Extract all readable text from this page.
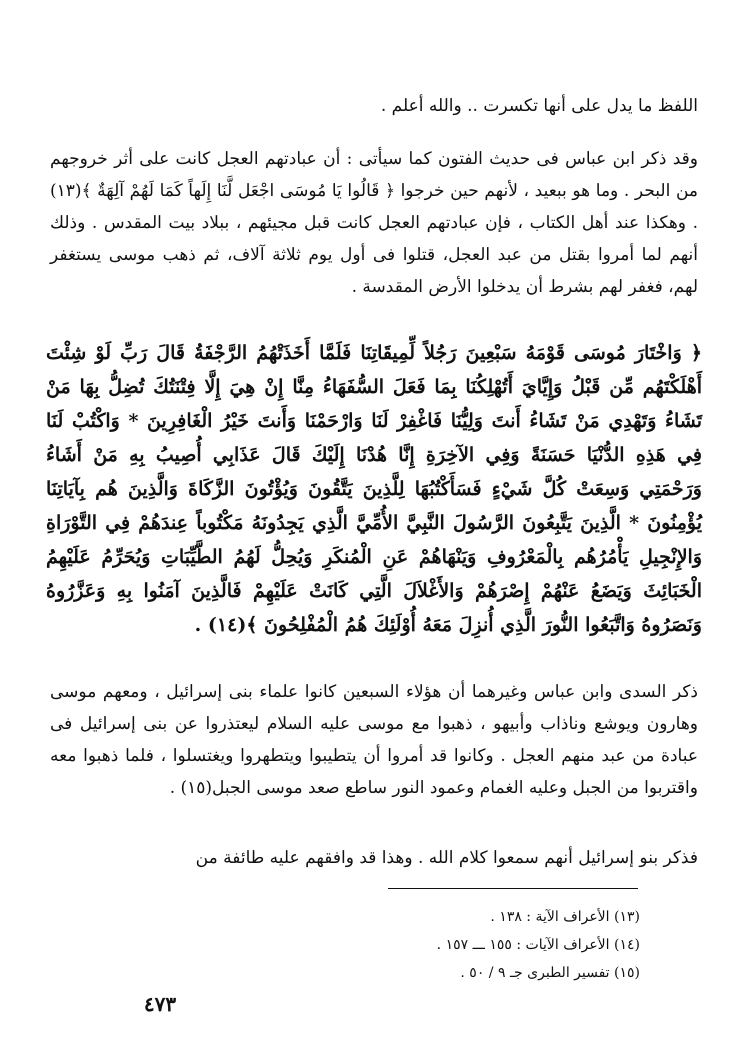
اللفظ ما يدل على أنها تكسرت .. والله أعلم .

وقد ذكر ابن عباس فى حديث الفتون كما سيأتى : أن عبادتهم العجل كانت على أثر خروجهم من البحر . وما هو ببعيد ، لأنهم حين خرجوا ﴿ قَالُوا يَا مُوسَى اجْعَل لَّنَا إِلَهاً كَمَا لَهُمْ آلِهَةٌ ﴾(١٣) . وهكذا عند أهل الكتاب ، فإن عبادتهم العجل كانت قبل مجيئهم ، ببلاد بيت المقدس . وذلك أنهم لما أمروا بقتل من عبد العجل، قتلوا فى أول يوم ثلاثة آلاف، ثم ذهب موسى يستغفر لهم، فغفر لهم بشرط أن يدخلوا الأرض المقدسة .

﴿ وَاخْتَارَ مُوسَى قَوْمَهُ سَبْعِينَ رَجُلاً لِّمِيقَاتِنَا فَلَمَّا أَخَذَتْهُمُ الرَّجْفَةُ قَالَ رَبِّ لَوْ شِئْتَ أَهْلَكْتَهُم مِّن قَبْلُ وَإِيَّايَ أَتُهْلِكُنَا بِمَا فَعَلَ السُّفَهَاءُ مِنَّا إِنْ هِيَ إِلَّا فِتْنَتُكَ تُضِلُّ بِهَا مَنْ تَشَاءُ وَتَهْدِي مَنْ تَشَاءُ أَنتَ وَلِيُّنَا فَاغْفِرْ لَنَا وَارْحَمْنَا وَأَنتَ خَيْرُ الْغَافِرِينَ * وَاكْتُبْ لَنَا فِي هَذِهِ الدُّنْيَا حَسَنَةً وَفِي الآخِرَةِ إِنَّا هُدْنَا إِلَيْكَ قَالَ عَذَابِي أُصِيبُ بِهِ مَنْ أَشَاءُ وَرَحْمَتِي وَسِعَتْ كُلَّ شَيْءٍ فَسَأَكْتُبُهَا لِلَّذِينَ يَتَّقُونَ وَيُؤْتُونَ الزَّكَاةَ وَالَّذِينَ هُم بِآيَاتِنَا يُؤْمِنُونَ * الَّذِينَ يَتَّبِعُونَ الرَّسُولَ النَّبِيَّ الأُمِّيَّ الَّذِي يَجِدُونَهُ مَكْتُوباً عِندَهُمْ فِي التَّوْرَاةِ وَالإِنْجِيلِ يَأْمُرُهُم بِالْمَعْرُوفِ وَيَنْهَاهُمْ عَنِ الْمُنكَرِ وَيُحِلُّ لَهُمُ الطَّيِّبَاتِ وَيُحَرِّمُ عَلَيْهِمُ الْخَبَائِثَ وَيَضَعُ عَنْهُمْ إِصْرَهُمْ وَالأَغْلاَلَ الَّتِي كَانَتْ عَلَيْهِمْ فَالَّذِينَ آمَنُوا بِهِ وَعَزَّرُوهُ وَنَصَرُوهُ وَاتَّبَعُوا النُّورَ الَّذِي أُنزِلَ مَعَهُ أُوْلَئِكَ هُمُ الْمُفْلِحُونَ ﴾(١٤) .

ذكر السدى وابن عباس وغيرهما أن هؤلاء السبعين كانوا علماء بنى إسرائيل ، ومعهم موسى وهارون ويوشع وناذاب وأبيهو ، ذهبوا مع موسى عليه السلام ليعتذروا عن بنى إسرائيل فى عبادة من عبد منهم العجل . وكانوا قد أمروا أن يتطيبوا ويتطهروا ويغتسلوا ، فلما ذهبوا معه واقتربوا من الجبل وعليه الغمام وعمود النور ساطع صعد موسى الجبل(١٥) .

فذكر بنو إسرائيل أنهم سمعوا كلام الله . وهذا قد وافقهم عليه طائفة من

(١٣) الأعراف الآية : ١٣٨ .
(١٤) الأعراف الآيات : ١٥٥ ـــ ١٥٧ .
(١٥) تفسير الطبرى جـ ٩ / ٥٠ .
٤٧٣
